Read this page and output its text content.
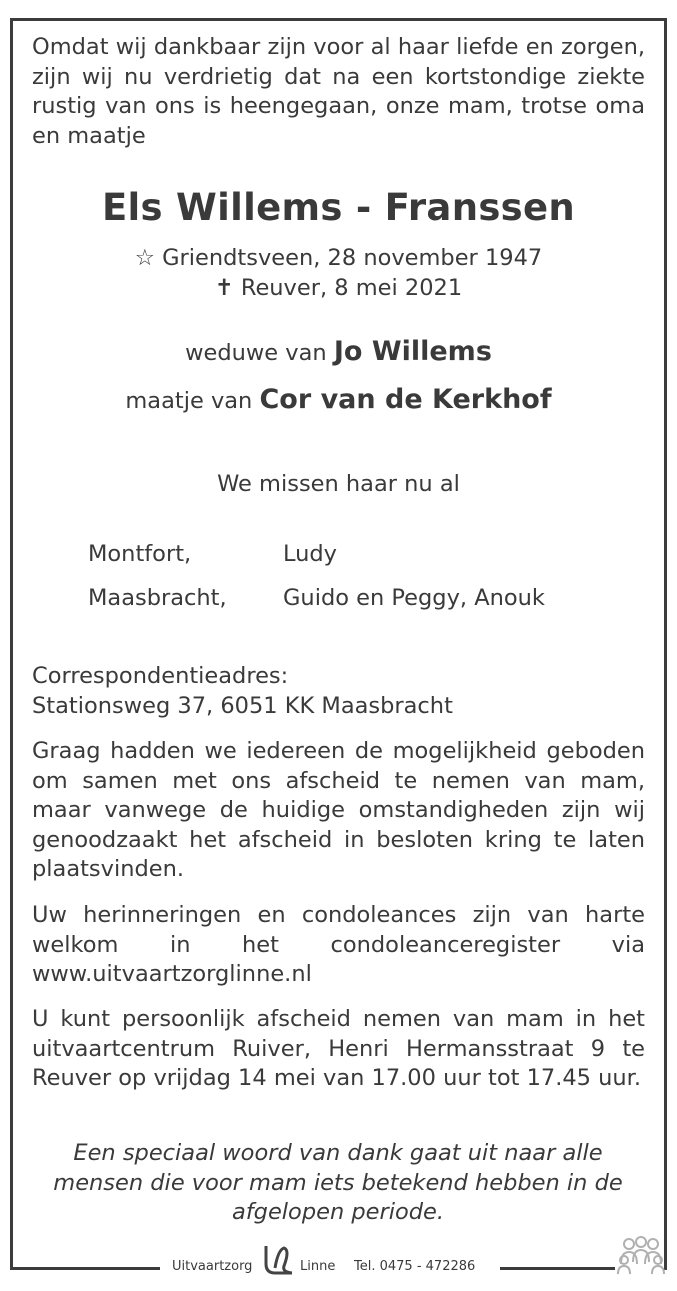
Omdat wij dankbaar zijn voor al haar liefde en zorgen, zijn wij nu verdrietig dat na een kortstondige ziekte rustig van ons is heengegaan, onze mam, trotse oma en maatje
Els Willems - Franssen
☆ Griendtsveen, 28 november 1947
✝ Reuver, 8 mei 2021
weduwe van Jo Willems
maatje van Cor van de Kerkhof
We missen haar nu al
Montfort,	Ludy
Maasbracht,	Guido en Peggy, Anouk
Correspondentieadres:
Stationsweg 37, 6051 KK Maasbracht
Graag hadden we iedereen de mogelijkheid geboden om samen met ons afscheid te nemen van mam, maar vanwege de huidige omstandigheden zijn wij genoodzaakt het afscheid in besloten kring te laten plaatsvinden.
Uw herinneringen en condoleances zijn van harte welkom in het condoleanceregister via www.uitvaartzorglinne.nl
U kunt persoonlijk afscheid nemen van mam in het uitvaartcentrum Ruiver, Henri Hermansstraat 9 te Reuver op vrijdag 14 mei van 17.00 uur tot 17.45 uur.
Een speciaal woord van dank gaat uit naar alle mensen die voor mam iets betekend hebben in de afgelopen periode.
Uitvaartzorg	Linne Tel. 0475 - 472286
